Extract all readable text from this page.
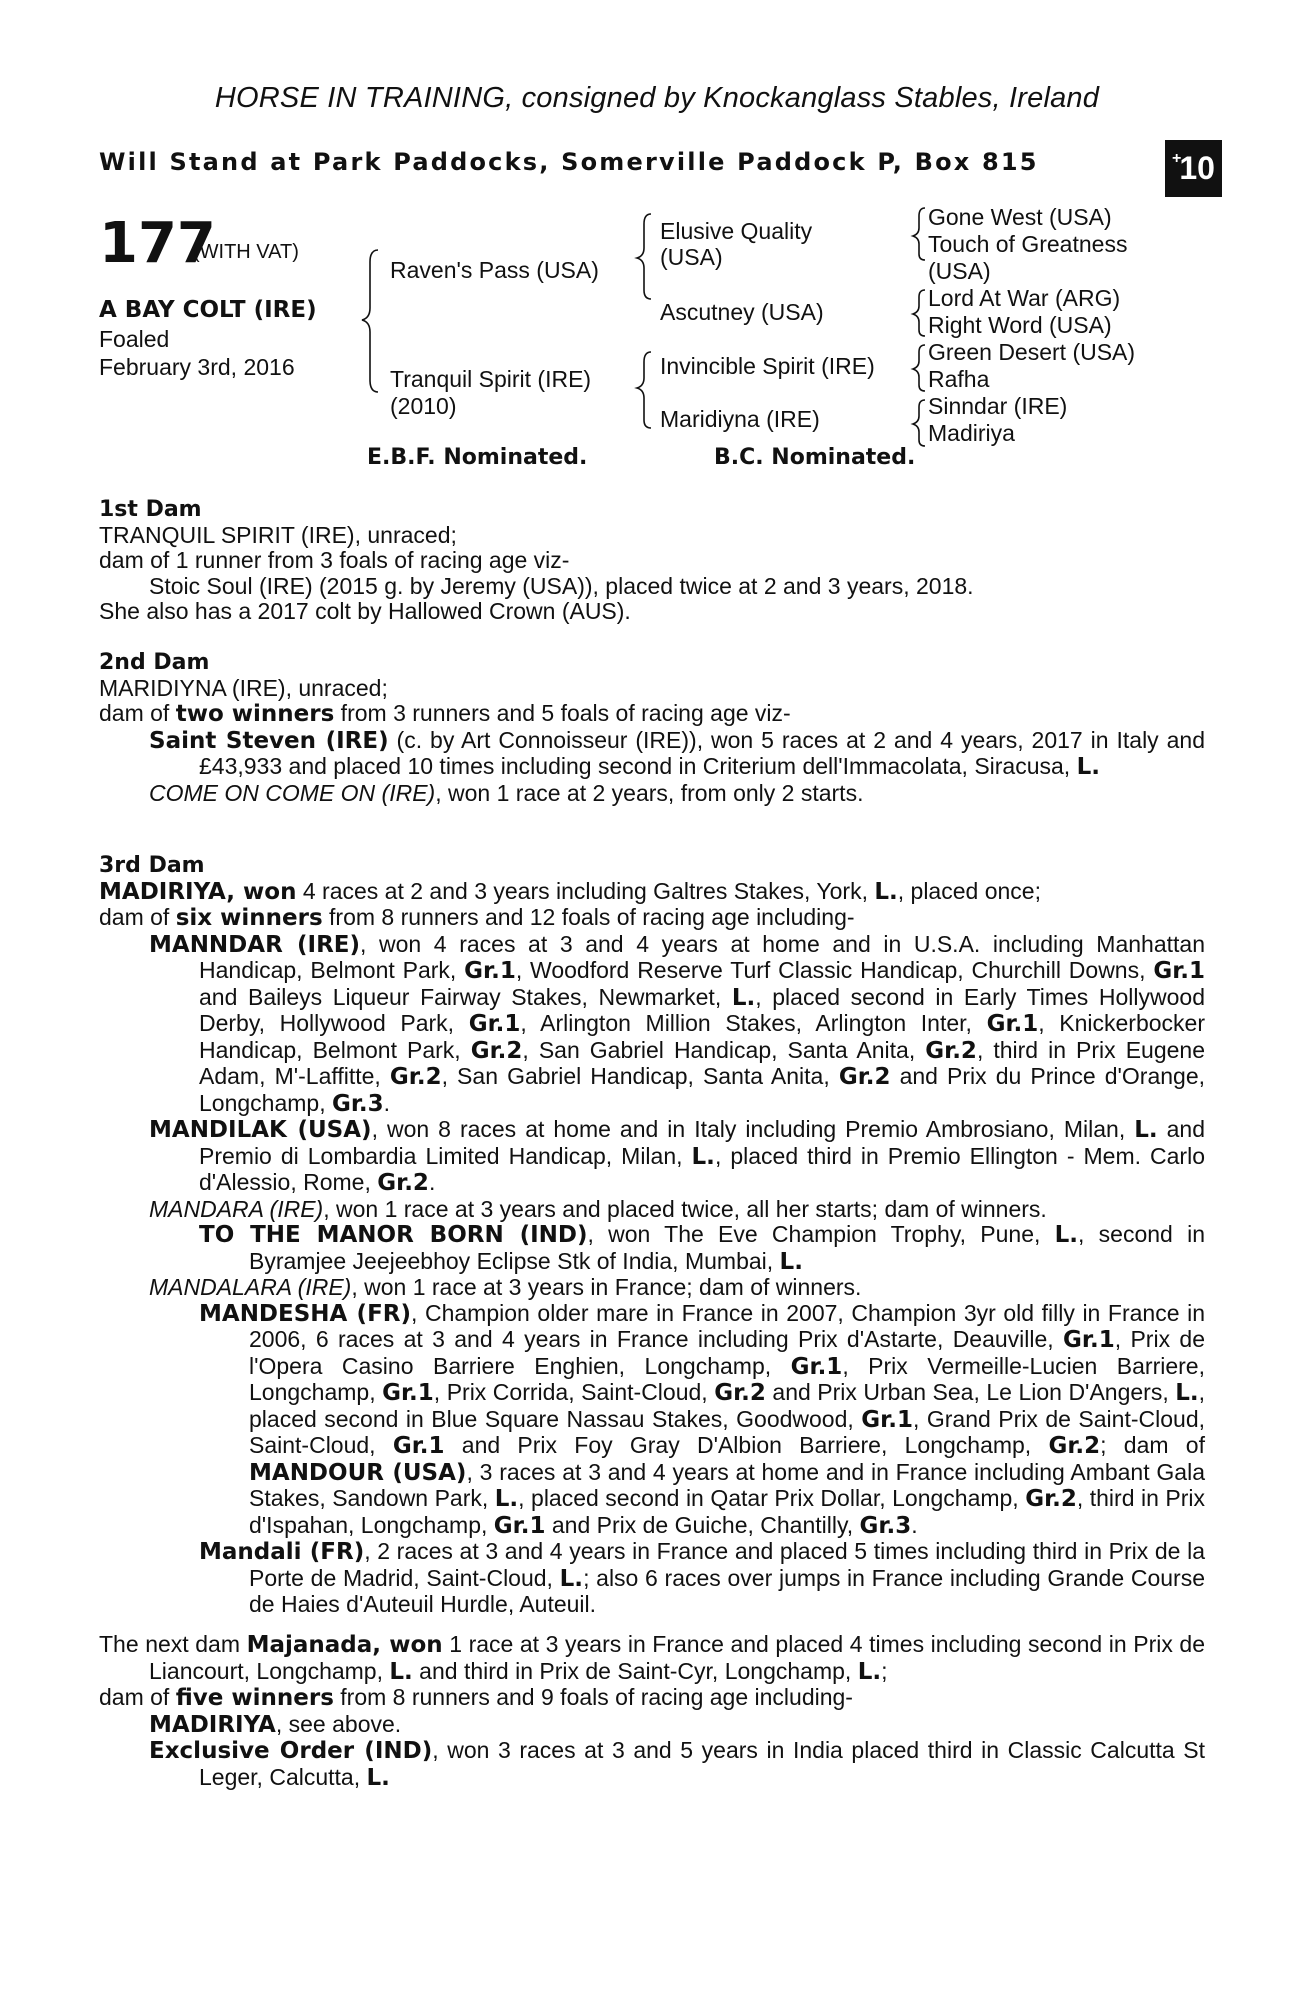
HORSE IN TRAINING, consigned by Knockanglass Stables, Ireland
Will Stand at Park Paddocks, Somerville Paddock P, Box 815	+
10
177
(WITH VAT)
A BAY COLT (IRE)
Foaled
February 3rd, 2016
Raven's Pass (USA)
Tranquil Spirit (IRE)
(2010)
Elusive Quality
(USA)
Ascutney (USA)
Invincible Spirit (IRE)
Maridiyna (IRE)
Gone West (USA)
Touch of Greatness
(USA)
Lord At War (ARG)
Right Word (USA)
Green Desert (USA)
Rafha
Sinndar (IRE)
Madiriya
E.B.F. Nominated.	B.C. Nominated.
1st Dam
TRANQUIL SPIRIT (IRE), unraced;
dam of 1 runner from 3 foals of racing age viz-
Stoic Soul (IRE) (2015 g. by Jeremy (USA)), placed twice at 2 and 3 years, 2018.
She also has a 2017 colt by Hallowed Crown (AUS).
2nd Dam
MARIDIYNA (IRE), unraced;
dam of two winners from 3 runners and 5 foals of racing age viz-
Saint Steven (IRE) (c. by Art Connoisseur (IRE)), won 5 races at 2 and 4 years, 2017 in Italy and £43,933 and placed 10 times including second in Criterium dell'Immacolata, Siracusa, L.
COME ON COME ON (IRE), won 1 race at 2 years, from only 2 starts.
3rd Dam
MADIRIYA, won 4 races at 2 and 3 years including Galtres Stakes, York, L., placed once;
dam of six winners from 8 runners and 12 foals of racing age including-
MANNDAR (IRE), won 4 races at 3 and 4 years at home and in U.S.A. including Manhattan Handicap, Belmont Park, Gr.1, Woodford Reserve Turf Classic Handicap, Churchill Downs, Gr.1 and Baileys Liqueur Fairway Stakes, Newmarket, L., placed second in Early Times Hollywood Derby, Hollywood Park, Gr.1, Arlington Million Stakes, Arlington Inter, Gr.1, Knickerbocker Handicap, Belmont Park, Gr.2, San Gabriel Handicap, Santa Anita, Gr.2, third in Prix Eugene Adam, M'-Laffitte, Gr.2, San Gabriel Handicap, Santa Anita, Gr.2 and Prix du Prince d'Orange, Longchamp, Gr.3.
MANDILAK (USA), won 8 races at home and in Italy including Premio Ambrosiano, Milan, L. and Premio di Lombardia Limited Handicap, Milan, L., placed third in Premio Ellington - Mem. Carlo d'Alessio, Rome, Gr.2.
MANDARA (IRE), won 1 race at 3 years and placed twice, all her starts; dam of winners.
TO THE MANOR BORN (IND), won The Eve Champion Trophy, Pune, L., second in Byramjee Jeejeebhoy Eclipse Stk of India, Mumbai, L.
MANDALARA (IRE), won 1 race at 3 years in France; dam of winners.
MANDESHA (FR), Champion older mare in France in 2007, Champion 3yr old filly in France in 2006, 6 races at 3 and 4 years in France including Prix d'Astarte, Deauville, Gr.1, Prix de l'Opera Casino Barriere Enghien, Longchamp, Gr.1, Prix Vermeille-Lucien Barriere, Longchamp, Gr.1, Prix Corrida, Saint-Cloud, Gr.2 and Prix Urban Sea, Le Lion D'Angers, L., placed second in Blue Square Nassau Stakes, Goodwood, Gr.1, Grand Prix de Saint-Cloud, Saint-Cloud, Gr.1 and Prix Foy Gray D'Albion Barriere, Longchamp, Gr.2; dam of MANDOUR (USA), 3 races at 3 and 4 years at home and in France including Ambant Gala Stakes, Sandown Park, L., placed second in Qatar Prix Dollar, Longchamp, Gr.2, third in Prix d'Ispahan, Longchamp, Gr.1 and Prix de Guiche, Chantilly, Gr.3.
Mandali (FR), 2 races at 3 and 4 years in France and placed 5 times including third in Prix de la Porte de Madrid, Saint-Cloud, L.; also 6 races over jumps in France including Grande Course de Haies d'Auteuil Hurdle, Auteuil.
The next dam Majanada, won 1 race at 3 years in France and placed 4 times including second in Prix de Liancourt, Longchamp, L. and third in Prix de Saint-Cyr, Longchamp, L.;
dam of five winners from 8 runners and 9 foals of racing age including-
MADIRIYA, see above.
Exclusive Order (IND), won 3 races at 3 and 5 years in India placed third in Classic Calcutta St Leger, Calcutta, L.
